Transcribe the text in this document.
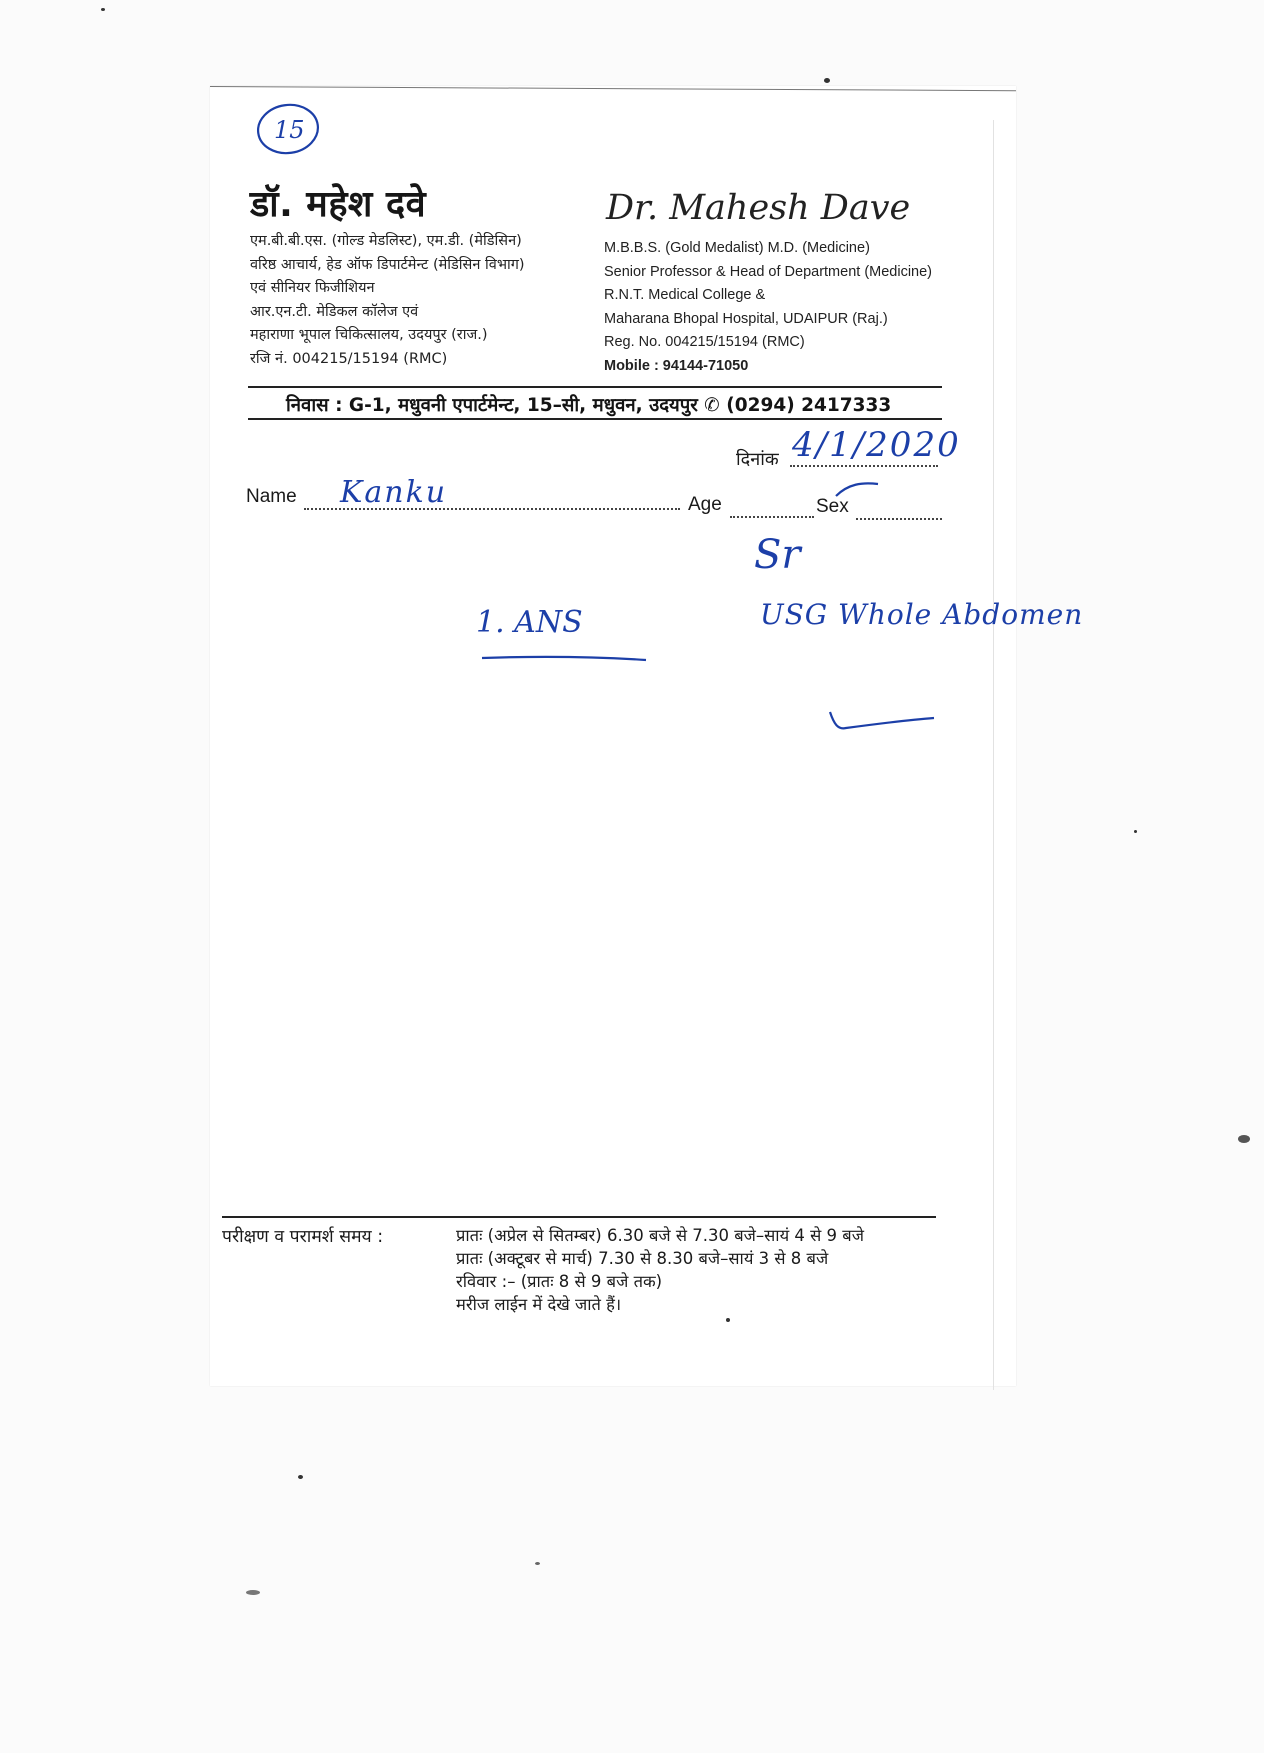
15
डॉ. महेश दवे	Dr. Mahesh Dave
एम.बी.बी.एस. (गोल्ड मेडलिस्ट), एम.डी. (मेडिसिन)
वरिष्ठ आचार्य, हेड ऑफ डिपार्टमेन्ट (मेडिसिन विभाग)
एवं सीनियर फिजीशियन
आर.एन.टी. मेडिकल कॉलेज एवं
महाराणा भूपाल चिकित्सालय, उदयपुर (राज.)
रजि नं. 004215/15194 (RMC)
M.B.B.S. (Gold Medalist) M.D. (Medicine)
Senior Professor & Head of Department (Medicine)
R.N.T. Medical College &
Maharana Bhopal Hospital, UDAIPUR (Raj.)
Reg. No. 004215/15194 (RMC)
Mobile : 94144-71050
निवास : G-1, मधुवनी एपार्टमेन्ट, 15–सी, मधुवन, उदयपुर ✆ (0294) 2417333
दिनांक 4/1/2020
Name	Age	Sex
Kanku
Sr
USG Whole Abdomen
1. ANS
परीक्षण व परामर्श समय :	प्रातः (अप्रेल से सितम्बर) 6.30 बजे से 7.30 बजे–सायं 4 से 9 बजे
प्रातः (अक्टूबर से मार्च) 7.30 से 8.30 बजे–सायं 3 से 8 बजे
रविवार :– (प्रातः 8 से 9 बजे तक)
मरीज लाईन में देखे जाते हैं।
